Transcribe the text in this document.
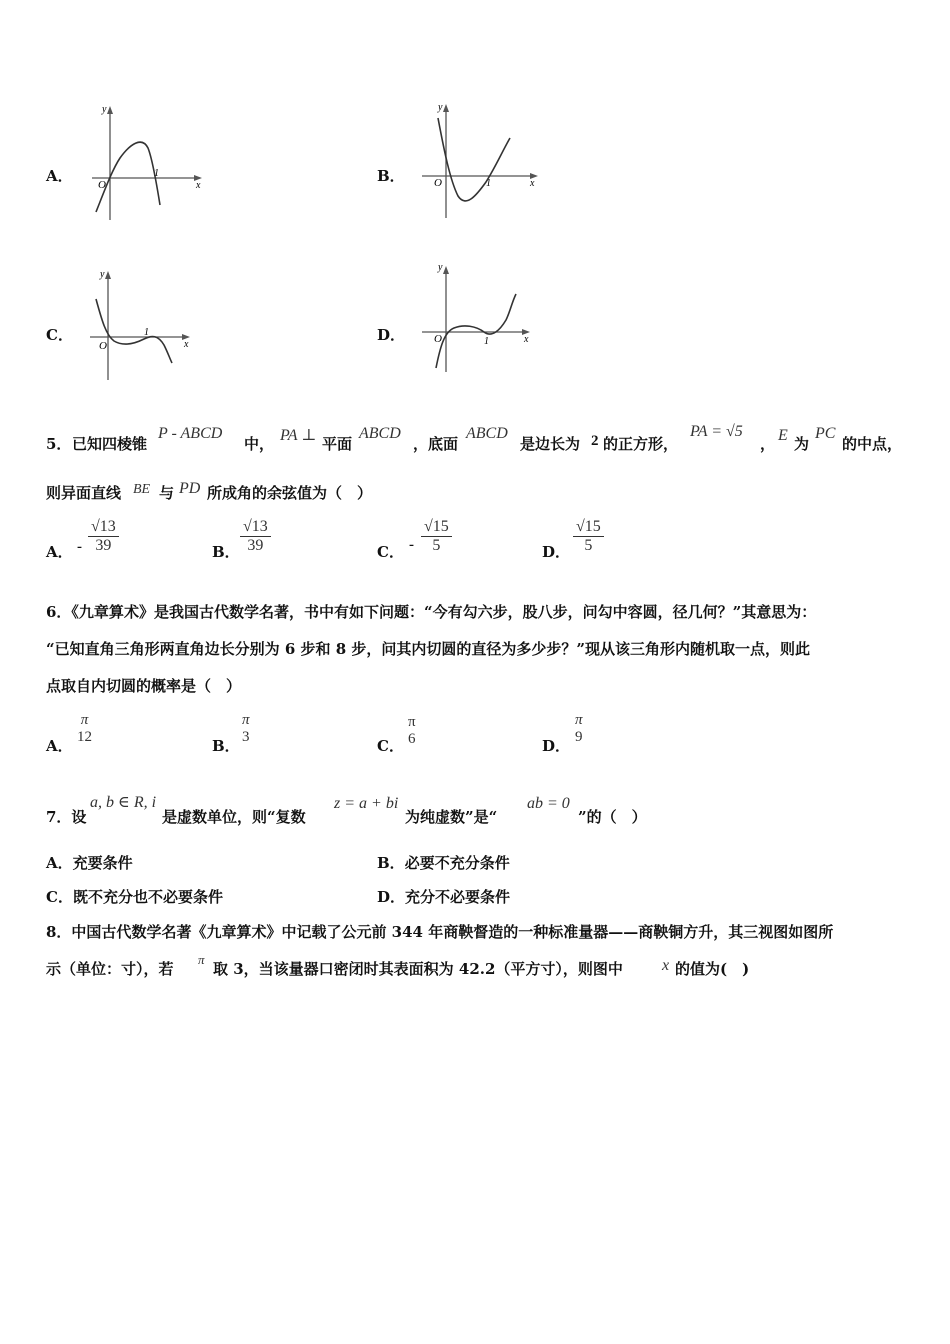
A．
y
x
O
1	B．
y
x
O	1
C．
y
x
O
1	D．
y
x
O	1
5． 已知四棱锥
P - ABCD
中， PA ⊥ 平面
ABCD
，底面
ABCD
是边长为 2 的正方形，
PA = √5
， E 为
PC
的中点，
则异面直线 BE 与 PD 所成角的余弦值为（　）
A． - $\frac{√13}{39}$	B． $\frac{√13}{39}$	C． - $\frac{√15}{5}$	D． $\frac{√15}{5}$
6．《九章算术》是我国古代数学名著，书中有如下问题：“今有勾六步，股八步，问勾中容圆，径几何？”其意思为：
“已知直角三角形两直角边长分别为 6 步和 8 步，问其内切圆的直径为多少步？”现从该三角形内随机取一点，则此
点取自内切圆的概率是（　）
A．
π
12	B．
π
3	C．
π
6	D．
π
9
7．设
a, b ∈ R, i
是虚数单位，则“复数
z = a + bi
为纯虚数”是“
ab = 0
”的（　）
A．充要条件	B．必要不充分条件
C．既不充分也不必要条件	D．充分不必要条件
8．中国古代数学名著《九章算术》中记载了公元前 344 年商鞅督造的一种标准量器——商鞅铜方升，其三视图如图所
示（单位：寸），若
π
取 3，当该量器口密闭时其表面积为 42.2（平方寸），则图中 x 的值为(　)
